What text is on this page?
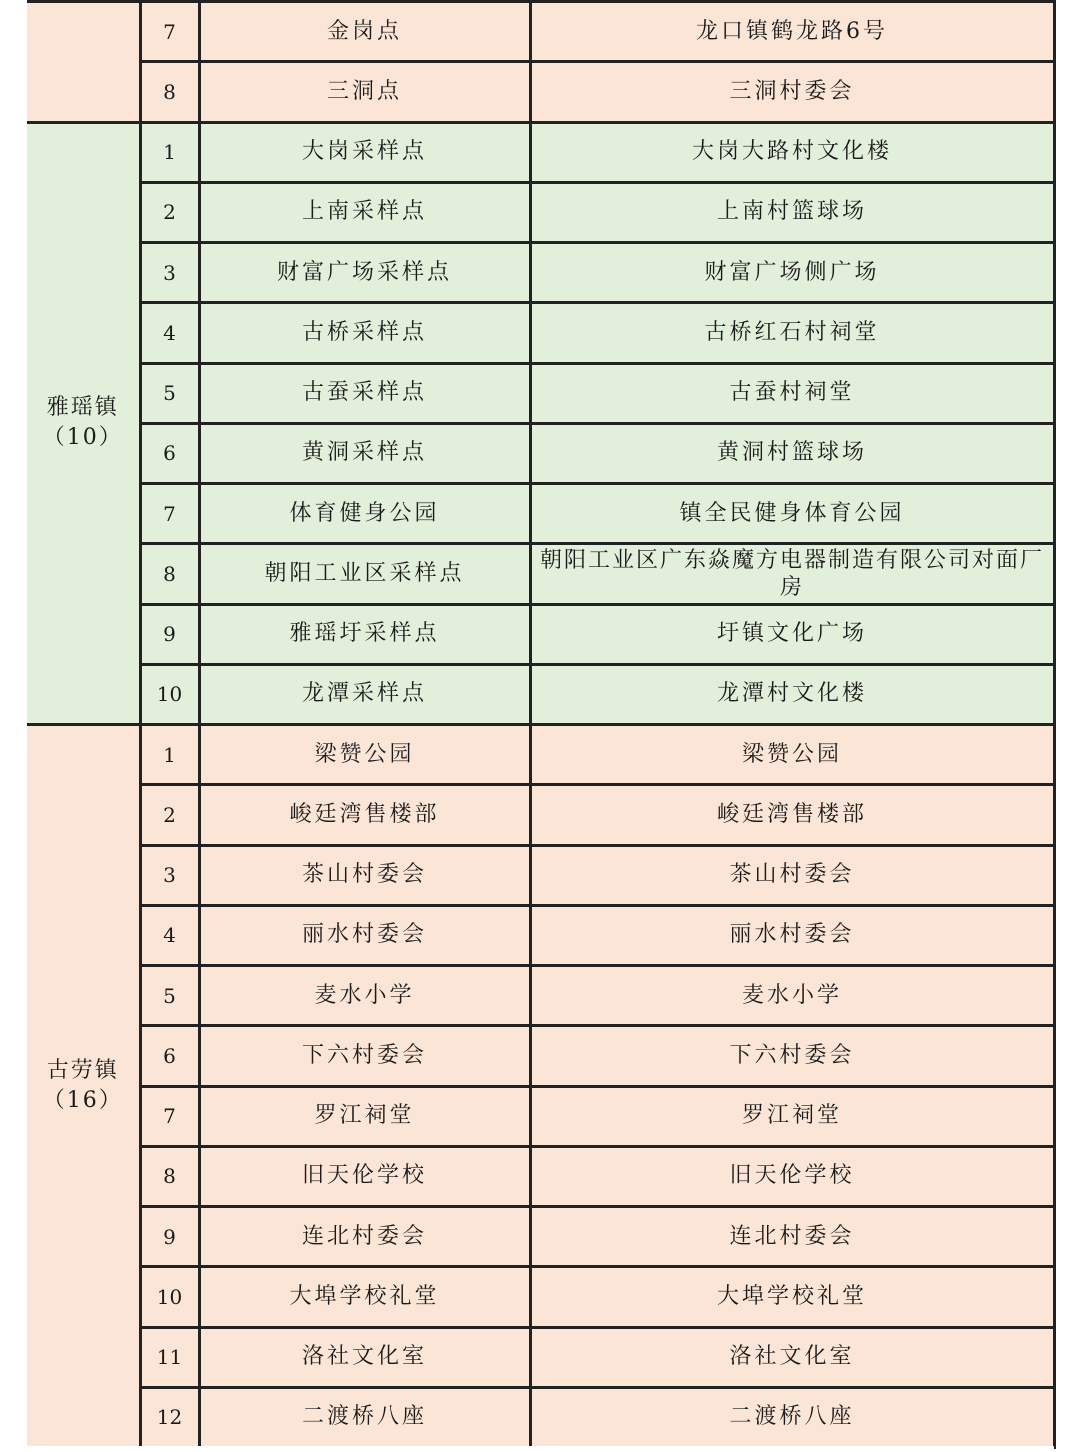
	7	金岗点	龙口镇鹤龙路6号
	8	三洞点	三洞村委会

雅瑶镇
（10）	1	大岗采样点	大岗大路村文化楼
	2	上南采样点	上南村篮球场
	3	财富广场采样点	财富广场侧广场
	4	古桥采样点	古桥红石村祠堂
	5	古蚕采样点	古蚕村祠堂
	6	黄洞采样点	黄洞村篮球场
	7	体育健身公园	镇全民健身体育公园
	8	朝阳工业区采样点	朝阳工业区广东焱魔方电器制造有限公司对面厂房
	9	雅瑶圩采样点	圩镇文化广场
	10	龙潭采样点	龙潭村文化楼

古劳镇
（16）	1	梁赞公园	梁赞公园
	2	峻廷湾售楼部	峻廷湾售楼部
	3	茶山村委会	茶山村委会
	4	丽水村委会	丽水村委会
	5	麦水小学	麦水小学
	6	下六村委会	下六村委会
	7	罗江祠堂	罗江祠堂
	8	旧天伦学校	旧天伦学校
	9	连北村委会	连北村委会
	10	大埠学校礼堂	大埠学校礼堂
	11	洛社文化室	洛社文化室
	12	二渡桥八座	二渡桥八座
